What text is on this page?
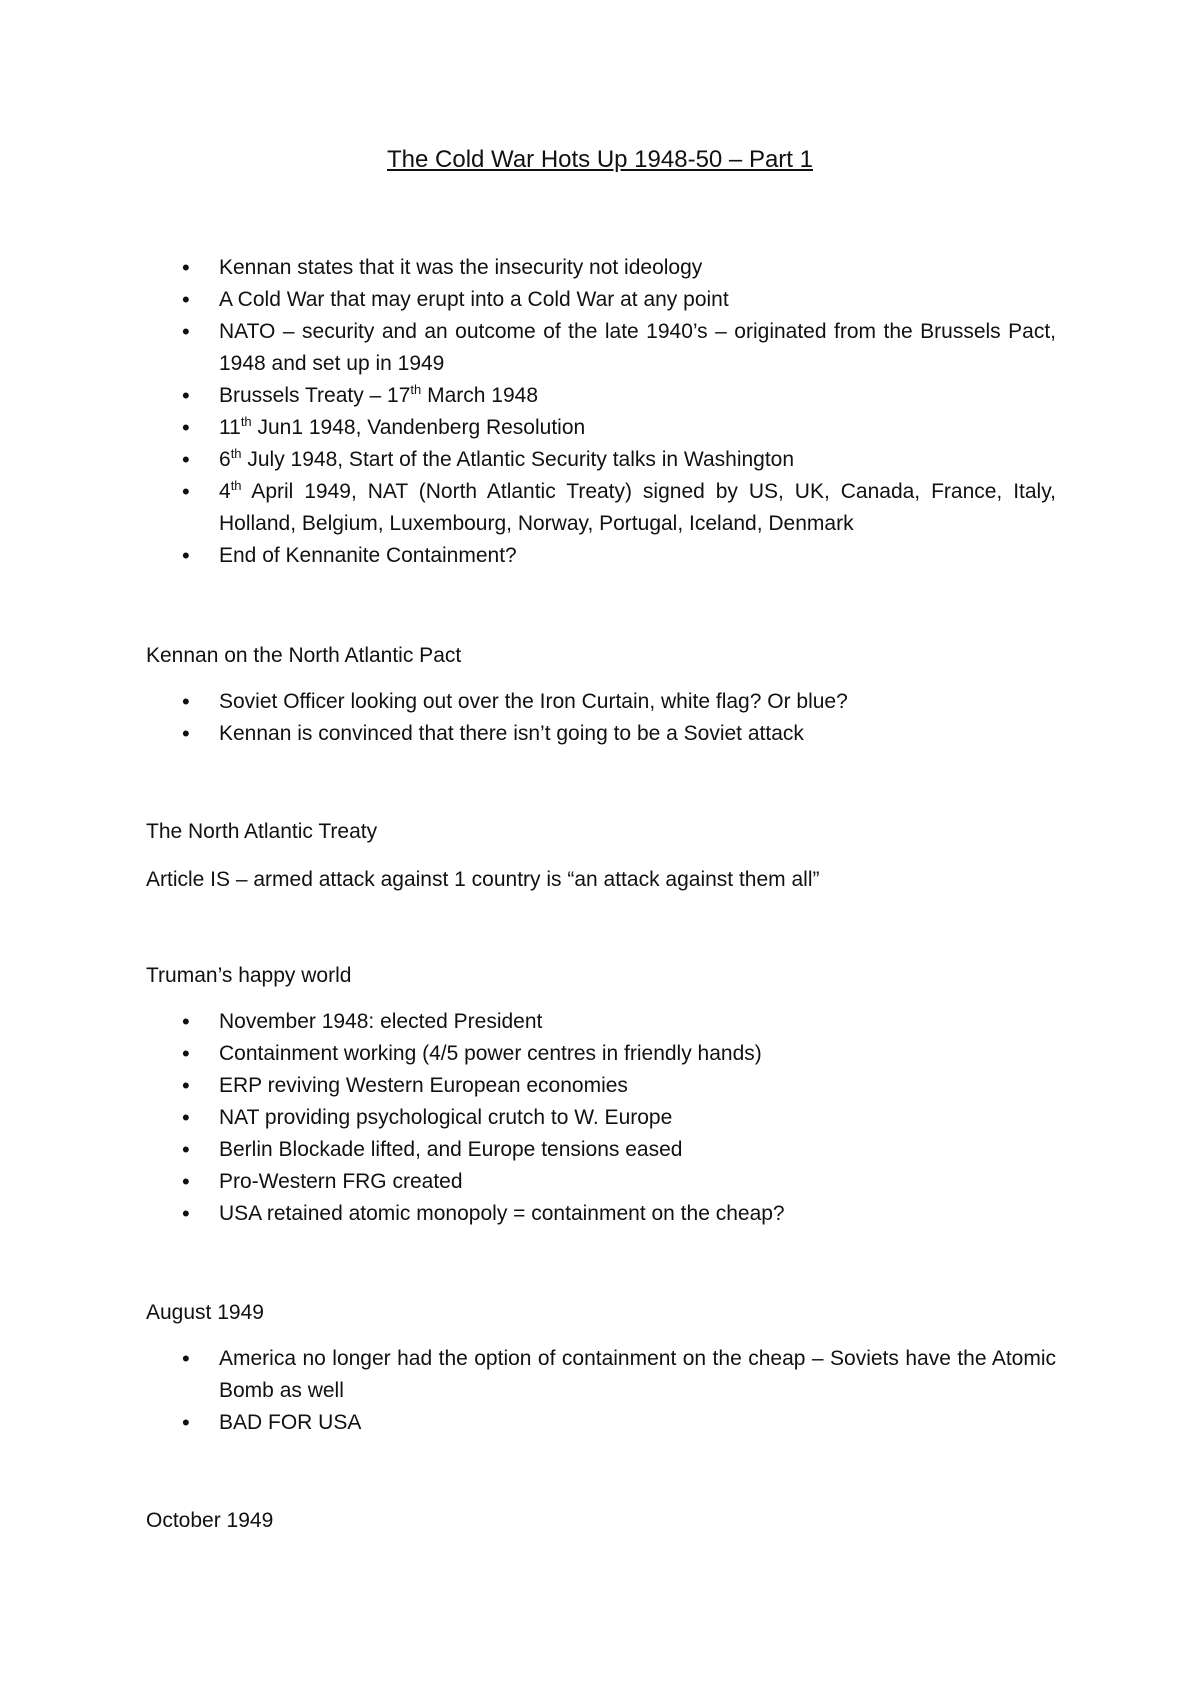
The Cold War Hots Up 1948-50 – Part 1
• Kennan states that it was the insecurity not ideology
• A Cold War that may erupt into a Cold War at any point
• NATO – security and an outcome of the late 1940’s – originated from the Brussels Pact, 1948 and set up in 1949
• Brussels Treaty – 17th March 1948
• 11th Jun1 1948, Vandenberg Resolution
• 6th July 1948, Start of the Atlantic Security talks in Washington
• 4th April 1949, NAT (North Atlantic Treaty) signed by US, UK, Canada, France, Italy, Holland, Belgium, Luxembourg, Norway, Portugal, Iceland, Denmark
• End of Kennanite Containment?
Kennan on the North Atlantic Pact
• Soviet Officer looking out over the Iron Curtain, white flag? Or blue?
• Kennan is convinced that there isn’t going to be a Soviet attack
The North Atlantic Treaty
Article IS – armed attack against 1 country is “an attack against them all”
Truman’s happy world
• November 1948: elected President
• Containment working (4/5 power centres in friendly hands)
• ERP reviving Western European economies
• NAT providing psychological crutch to W. Europe
• Berlin Blockade lifted, and Europe tensions eased
• Pro-Western FRG created
• USA retained atomic monopoly = containment on the cheap?
August 1949
• America no longer had the option of containment on the cheap – Soviets have the Atomic Bomb as well
• BAD FOR USA
October 1949
